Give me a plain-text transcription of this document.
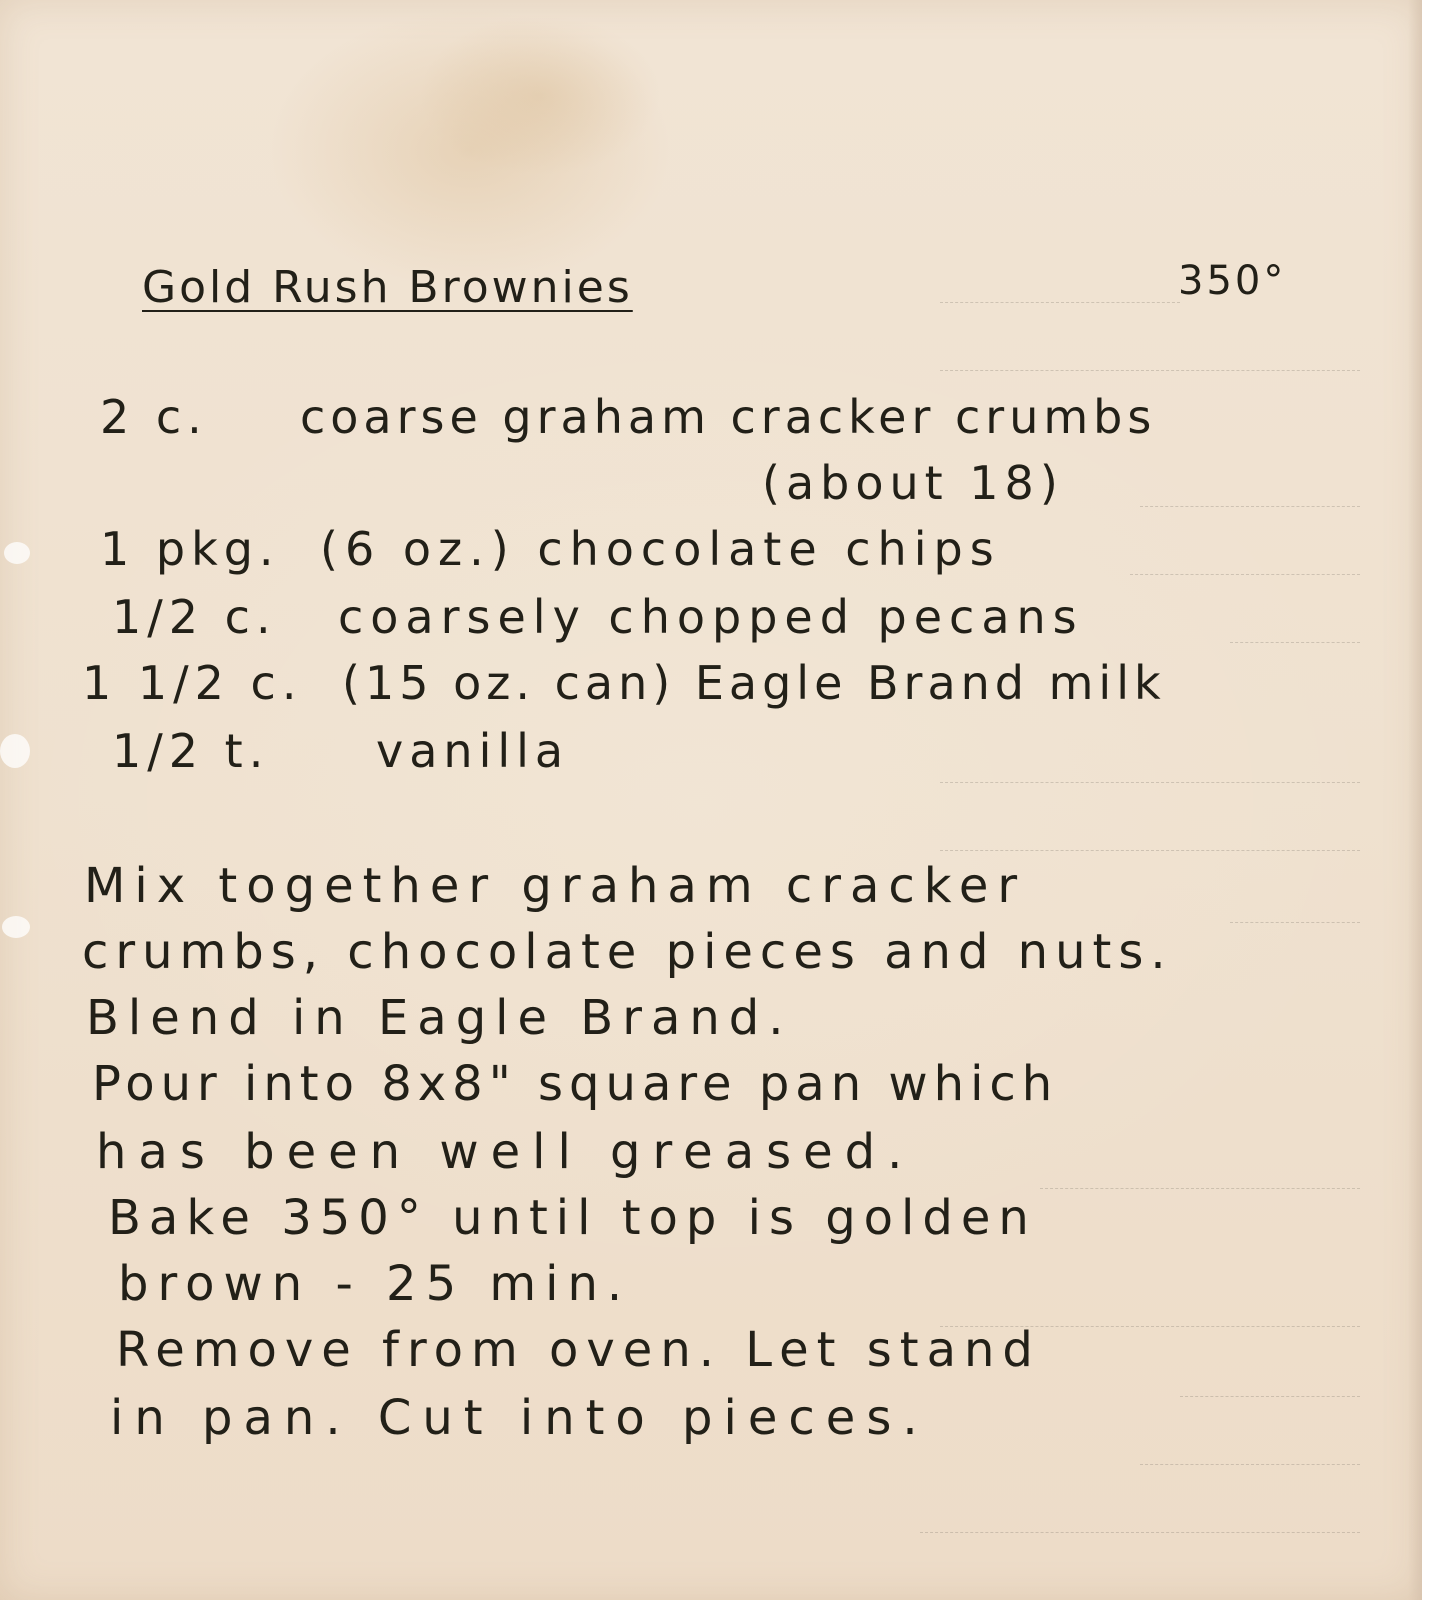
Gold Rush Brownies	350°
2 c. coarse graham cracker crumbs
(about 18)
1 pkg. (6 oz.) chocolate chips
1/2 c. coarsely chopped pecans
1 1/2 c. (15 oz. can) Eagle Brand milk
1/2 t. vanilla
Mix together graham cracker
crumbs, chocolate pieces and nuts.
Blend in Eagle Brand.
Pour into 8x8" square pan which
has been well greased.
Bake 350° until top is golden
brown - 25 min.
Remove from oven. Let stand
in pan. Cut into pieces.
